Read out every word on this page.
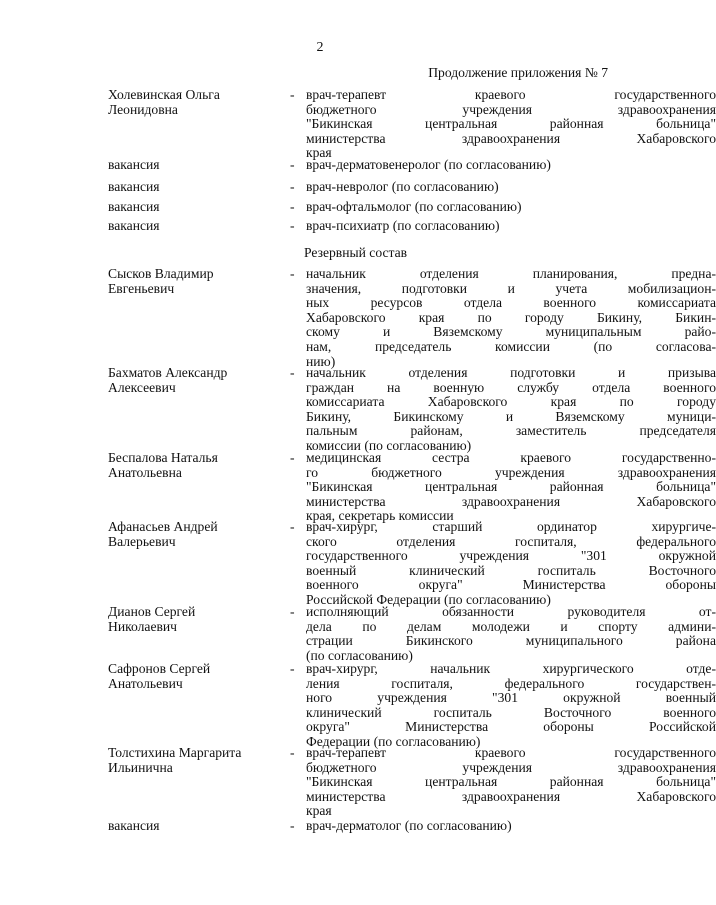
2
Продолжение приложения № 7
Холевинская Ольга
Леонидовна
- врач-терапевт краевого государственного
бюджетного учреждения здравоохранения
"Бикинская центральная районная больница"
министерства здравоохранения Хабаровского
края
вакансия	- врач-дерматовенеролог (по согласованию)
вакансия	- врач-невролог (по согласованию)
вакансия	- врач-офтальмолог (по согласованию)
вакансия	- врач-психиатр (по согласованию)
Резервный состав
Сысков Владимир
Евгеньевич
- начальник отделения планирования, предна-
значения, подготовки и учета мобилизацион-
ных ресурсов отдела военного комиссариата
Хабаровского края по городу Бикину, Бикин-
скому и Вяземскому муниципальным райо-
нам, председатель комиссии (по согласова-
нию)
Бахматов Александр
Алексеевич
- начальник отделения подготовки и призыва
граждан на военную службу отдела военного
комиссариата Хабаровского края по городу
Бикину, Бикинскому и Вяземскому муници-
пальным районам, заместитель председателя
комиссии (по согласованию)
Беспалова Наталья
Анатольевна
- медицинская сестра краевого государственно-
го бюджетного учреждения здравоохранения
"Бикинская центральная районная больница"
министерства здравоохранения Хабаровского
края, секретарь комиссии
Афанасьев Андрей
Валерьевич
- врач-хирург, старший ординатор хирургиче-
ского отделения госпиталя, федерального
государственного учреждения "301 окружной
военный клинический госпиталь Восточного
военного округа" Министерства обороны
Российской Федерации (по согласованию)
Дианов Сергей
Николаевич
- исполняющий обязанности руководителя от-
дела по делам молодежи и спорту админи-
страции Бикинского муниципального района
(по согласованию)
Сафронов Сергей
Анатольевич
- врач-хирург, начальник хирургического отде-
ления госпиталя, федерального государствен-
ного учреждения "301 окружной военный
клинический госпиталь Восточного военного
округа" Министерства обороны Российской
Федерации (по согласованию)
Толстихина Маргарита
Ильинична
- врач-терапевт краевого государственного
бюджетного учреждения здравоохранения
"Бикинская центральная районная больница"
министерства здравоохранения Хабаровского
края
вакансия	- врач-дерматолог (по согласованию)
